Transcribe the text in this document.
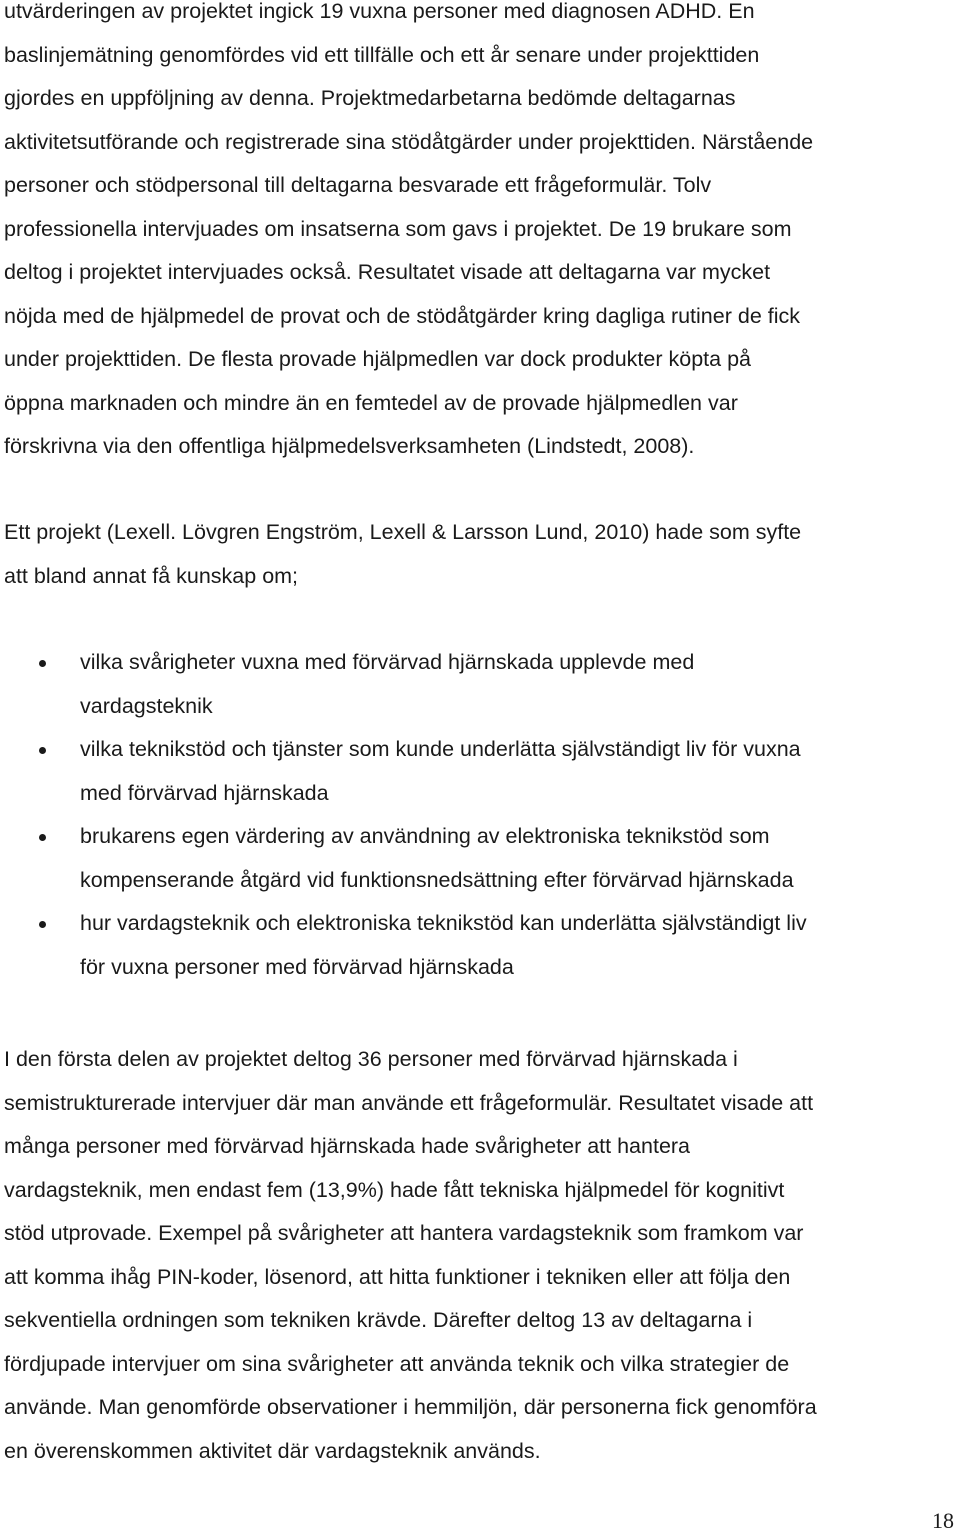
utvärderingen av projektet ingick 19 vuxna personer med diagnosen ADHD. En
baslinjemätning genomfördes vid ett tillfälle och ett år senare under projekttiden
gjordes en uppföljning av denna. Projektmedarbetarna bedömde deltagarnas
aktivitetsutförande och registrerade sina stödåtgärder under projekttiden. Närstående
personer och stödpersonal till deltagarna besvarade ett frågeformulär. Tolv
professionella intervjuades om insatserna som gavs i projektet. De 19 brukare som
deltog i projektet intervjuades också. Resultatet visade att deltagarna var mycket
nöjda med de hjälpmedel de provat och de stödåtgärder kring dagliga rutiner de fick
under projekttiden. De flesta provade hjälpmedlen var dock produkter köpta på
öppna marknaden och mindre än en femtedel av de provade hjälpmedlen var
förskrivna via den offentliga hjälpmedelsverksamheten (Lindstedt, 2008).

Ett projekt (Lexell. Lövgren Engström, Lexell & Larsson Lund, 2010) hade som syfte
att bland annat få kunskap om;

vilka svårigheter vuxna med förvärvad hjärnskada upplevde med
vardagsteknik
vilka teknikstöd och tjänster som kunde underlätta självständigt liv för vuxna
med förvärvad hjärnskada
brukarens egen värdering av användning av elektroniska teknikstöd som
kompenserande åtgärd vid funktionsnedsättning efter förvärvad hjärnskada
hur vardagsteknik och elektroniska teknikstöd kan underlätta självständigt liv
för vuxna personer med förvärvad hjärnskada

I den första delen av projektet deltog 36 personer med förvärvad hjärnskada i
semistrukturerade intervjuer där man använde ett frågeformulär. Resultatet visade att
många personer med förvärvad hjärnskada hade svårigheter att hantera
vardagsteknik, men endast fem (13,9%) hade fått tekniska hjälpmedel för kognitivt
stöd utprovade. Exempel på svårigheter att hantera vardagsteknik som framkom var
att komma ihåg PIN-koder, lösenord, att hitta funktioner i tekniken eller att följa den
sekventiella ordningen som tekniken krävde. Därefter deltog 13 av deltagarna i
fördjupade intervjuer om sina svårigheter att använda teknik och vilka strategier de
använde. Man genomförde observationer i hemmiljön, där personerna fick genomföra
en överenskommen aktivitet där vardagsteknik används.

18
